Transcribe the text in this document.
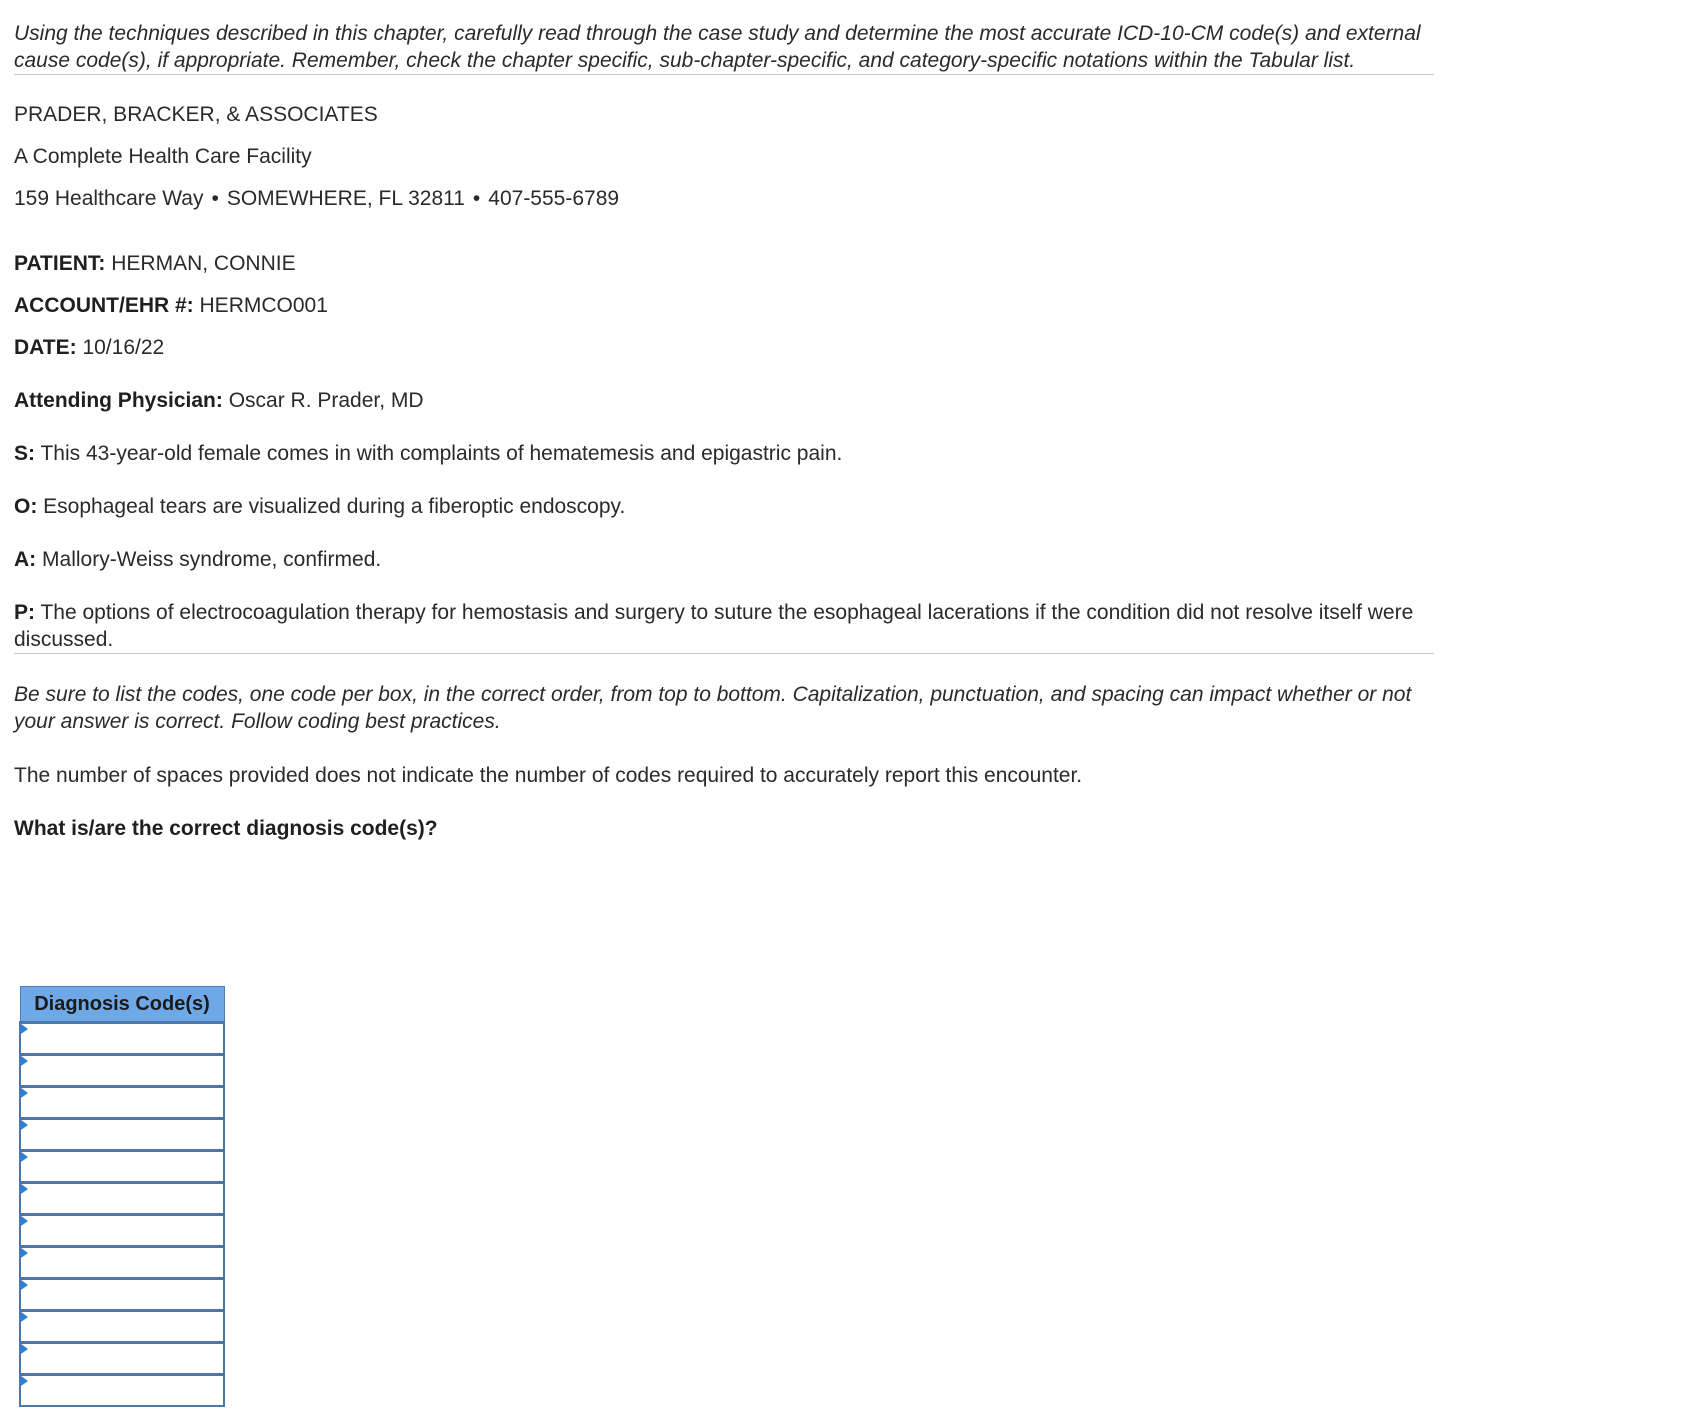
Using the techniques described in this chapter, carefully read through the case study and determine the most accurate ICD-10-CM code(s) and external cause code(s), if appropriate. Remember, check the chapter specific, sub-chapter-specific, and category-specific notations within the Tabular list.

PRADER, BRACKER, & ASSOCIATES

A Complete Health Care Facility

159 Healthcare Way • SOMEWHERE, FL 32811 • 407-555-6789

PATIENT: HERMAN, CONNIE

ACCOUNT/EHR #: HERMCO001

DATE: 10/16/22

Attending Physician: Oscar R. Prader, MD

S: This 43-year-old female comes in with complaints of hematemesis and epigastric pain.

O: Esophageal tears are visualized during a fiberoptic endoscopy.

A: Mallory-Weiss syndrome, confirmed.

P: The options of electrocoagulation therapy for hemostasis and surgery to suture the esophageal lacerations if the condition did not resolve itself were discussed.

Be sure to list the codes, one code per box, in the correct order, from top to bottom. Capitalization, punctuation, and spacing can impact whether or not your answer is correct. Follow coding best practices.

The number of spaces provided does not indicate the number of codes required to accurately report this encounter.

What is/are the correct diagnosis code(s)?

Diagnosis Code(s)
